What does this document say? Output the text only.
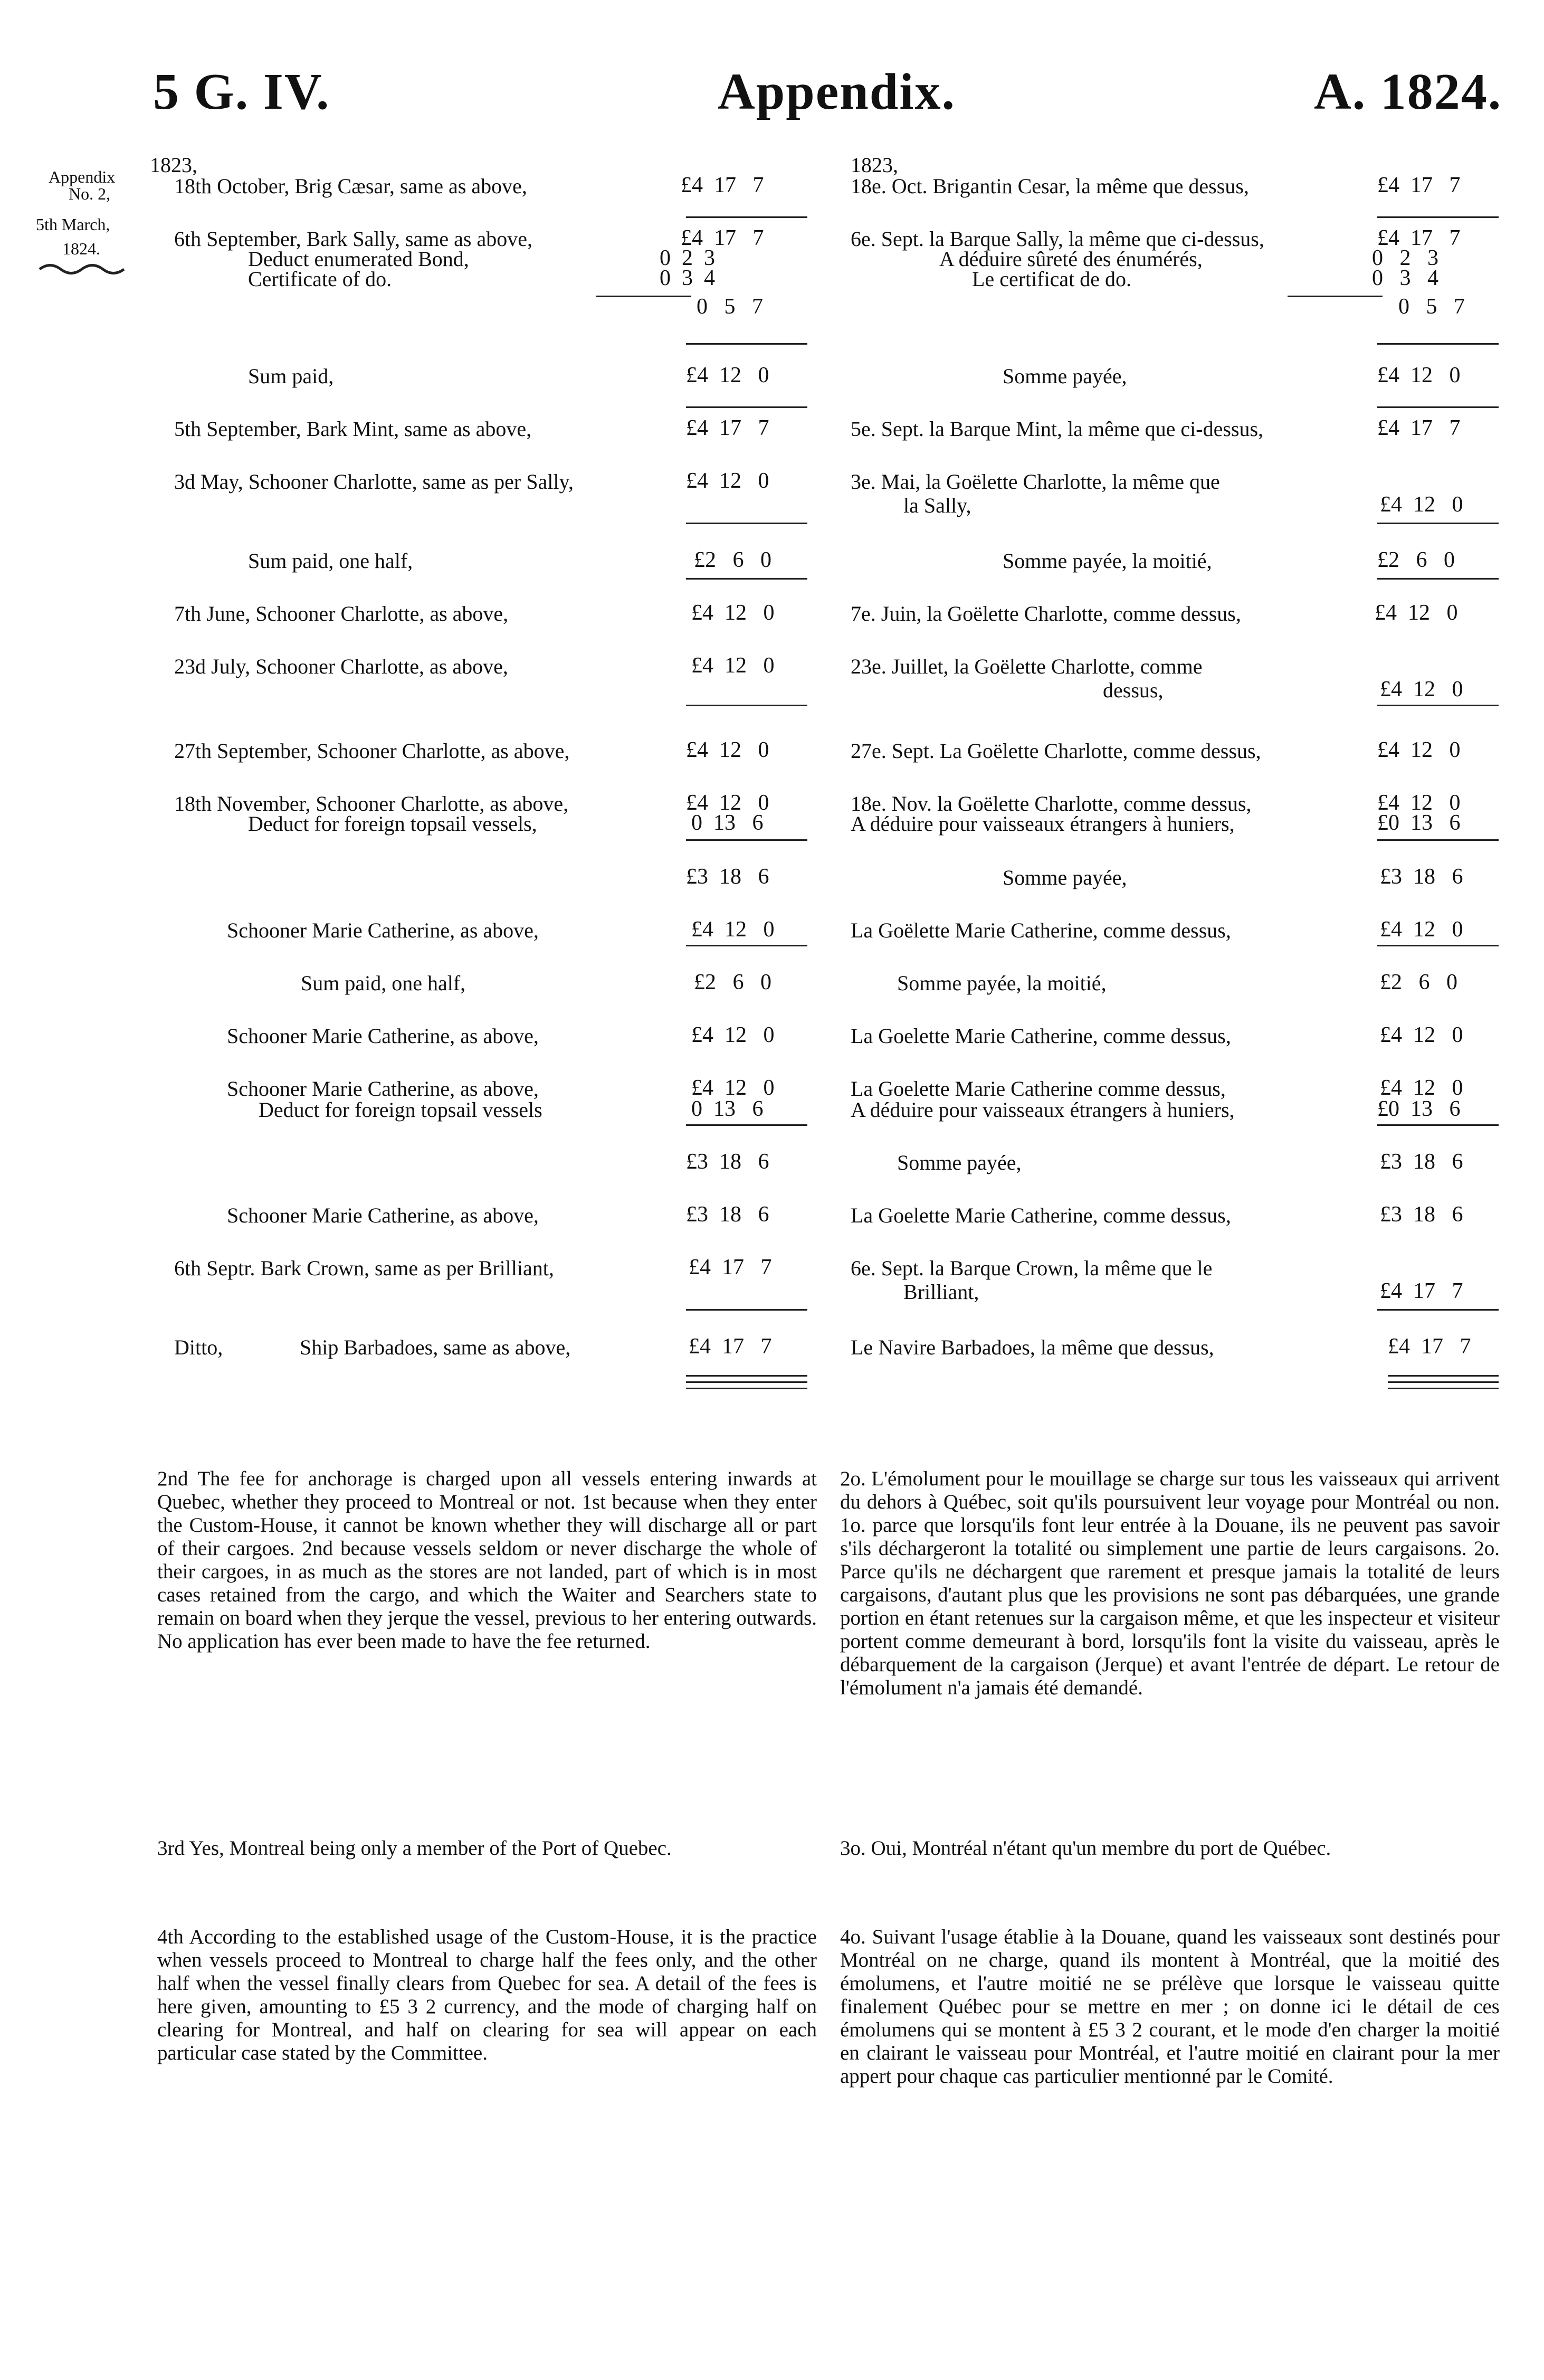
5 G. IV.	Appendix.	A. 1824.
Appendix
No. 2,
5th March,
1824.
1823,	1823,
18th October, Brig Cæsar, same as above,	£4  17   7
6th September, Bark Sally, same as above,	£4  17   7
Deduct enumerated Bond,	0  2  3
Certificate of do.	0  3  4
0   5   7
Sum paid,	£4  12   0
5th September, Bark Mint, same as above,	£4  17   7
3d May, Schooner Charlotte, same as per Sally,	£4  12   0
Sum paid, one half,	£2   6   0
7th June, Schooner Charlotte, as above,	£4  12   0
23d July, Schooner Charlotte, as above,	£4  12   0
27th September, Schooner Charlotte, as above,	£4  12   0
18th November, Schooner Charlotte, as above,	£4  12   0
Deduct for foreign topsail vessels,	0  13   6
£3  18   6
Schooner Marie Catherine, as above,	£4  12   0
Sum paid, one half,	£2   6   0
Schooner Marie Catherine, as above,	£4  12   0
Schooner Marie Catherine, as above,	£4  12   0
Deduct for foreign topsail vessels	0  13   6
£3  18   6
Schooner Marie Catherine, as above,	£3  18   6
6th Septr. Bark Crown, same as per Brilliant,	£4  17   7
Ditto,	Ship Barbadoes, same as above,	£4  17   7
18e. Oct. Brigantin Cesar, la même que dessus,	£4  17   7
6e. Sept. la Barque Sally, la même que ci-dessus,	£4  17   7
A déduire sûreté des énumérés,	0   2   3
Le certificat de do.	0   3   4
0   5   7
Somme payée,	£4  12   0
5e. Sept. la Barque Mint, la même que ci-dessus,	£4  17   7
3e. Mai, la Goëlette Charlotte, la même que
la Sally,	£4  12   0
Somme payée, la moitié,	£2   6   0
7e. Juin, la Goëlette Charlotte, comme dessus,	£4  12   0
23e. Juillet, la Goëlette Charlotte, comme
dessus,	£4  12   0
27e. Sept. La Goëlette Charlotte, comme dessus,	£4  12   0
18e. Nov. la Goëlette Charlotte, comme dessus,	£4  12   0
A déduire pour vaisseaux étrangers à huniers,	£0  13   6
Somme payée,	£3  18   6
La Goëlette Marie Catherine, comme dessus,	£4  12   0
Somme payée, la moitié,	£2   6   0
La Goelette Marie Catherine, comme dessus,	£4  12   0
La Goelette Marie Catherine comme dessus,	£4  12   0
A déduire pour vaisseaux étrangers à huniers,	£0  13   6
Somme payée,	£3  18   6
La Goelette Marie Catherine, comme dessus,	£3  18   6
6e. Sept. la Barque Crown, la même que le
Brilliant,	£4  17   7
Le Navire Barbadoes, la même que dessus,	£4  17   7
2nd The fee for anchorage is charged upon all vessels entering inwards at Quebec, whether they proceed to Montreal or not. 1st because when they enter the Custom-House, it cannot be known whether they will discharge all or part of their cargoes. 2nd because vessels seldom or never discharge the whole of their cargoes, in as much as the stores are not landed, part of which is in most cases retained from the cargo, and which the Waiter and Searchers state to remain on board when they jerque the vessel, previous to her entering outwards. No application has ever been made to have the fee returned.
3rd Yes, Montreal being only a member of the Port of Quebec.
4th According to the established usage of the Custom-House, it is the practice when vessels proceed to Montreal to charge half the fees only, and the other half when the vessel finally clears from Quebec for sea. A detail of the fees is here given, amounting to £5 3 2 currency, and the mode of charging half on clearing for Montreal, and half on clearing for sea will appear on each particular case stated by the Committee.
2o. L'émolument pour le mouillage se charge sur tous les vaisseaux qui arrivent du dehors à Québec, soit qu'ils poursuivent leur voyage pour Montréal ou non. 1o. parce que lorsqu'ils font leur entrée à la Douane, ils ne peuvent pas savoir s'ils déchargeront la totalité ou simplement une partie de leurs cargaisons. 2o. Parce qu'ils ne déchargent que rarement et presque jamais la totalité de leurs cargaisons, d'autant plus que les provisions ne sont pas débarquées, une grande portion en étant retenues sur la cargaison même, et que les inspecteur et visiteur portent comme demeurant à bord, lorsqu'ils font la visite du vaisseau, après le débarquement de la cargaison (Jerque) et avant l'entrée de départ. Le retour de l'émolument n'a jamais été demandé.
3o. Oui, Montréal n'étant qu'un membre du port de Québec.
4o. Suivant l'usage établie à la Douane, quand les vaisseaux sont destinés pour Montréal on ne charge, quand ils montent à Montréal, que la moitié des émolumens, et l'autre moitié ne se prélève que lorsque le vaisseau quitte finalement Québec pour se mettre en mer ; on donne ici le détail de ces émolumens qui se montent à £5 3 2 courant, et le mode d'en charger la moitié en clairant le vaisseau pour Montréal, et l'autre moitié en clairant pour la mer appert pour chaque cas particulier mentionné par le Comité.
